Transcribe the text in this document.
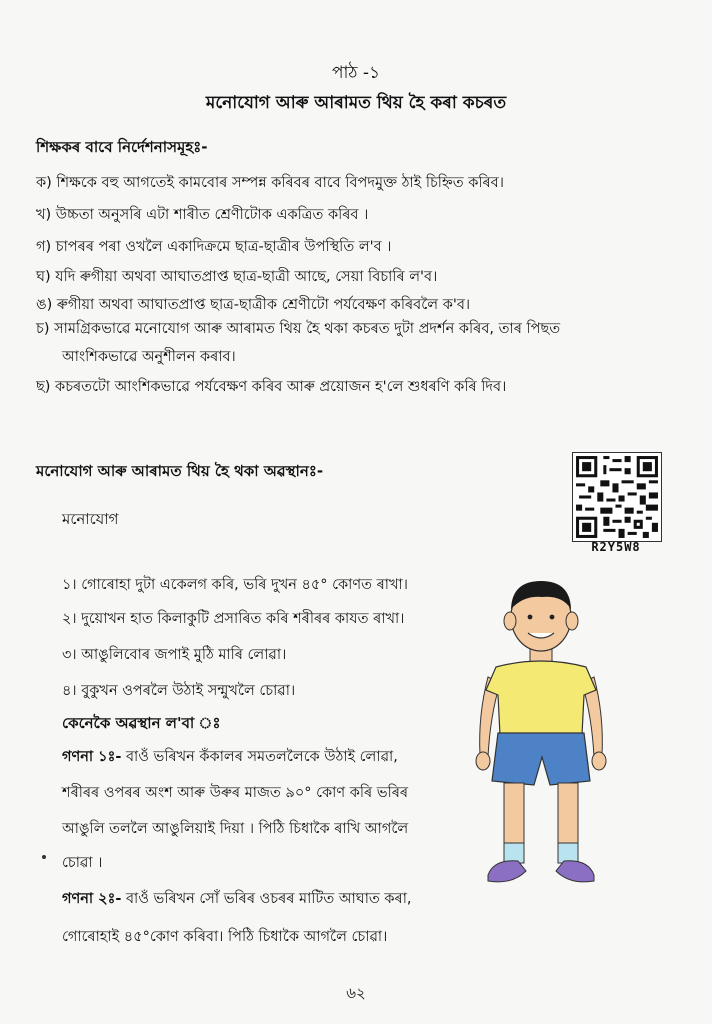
পাঠ -১
মনোযোগ আৰু আৰামত থিয় হৈ কৰা কচৰত
শিক্ষকৰ বাবে নিৰ্দেশনাসমূহঃ-
ক) শিক্ষকে বহু আগতেই কামবোৰ সম্পন্ন কৰিবৰ বাবে বিপদমুক্ত ঠাই চিহ্নিত কৰিব।
খ) উচ্চতা অনুসৰি এটা শাৰীত শ্ৰেণীটোক একত্ৰিত কৰিব ।
গ) চাপৰৰ পৰা ওখলৈ একাদিক্ৰমে ছাত্ৰ-ছাত্ৰীৰ উপস্থিতি ল'ব ।
ঘ) যদি ৰুগীয়া অথবা আঘাতপ্ৰাপ্ত ছাত্ৰ-ছাত্ৰী আছে, সেয়া বিচাৰি ল'ব।
ঙ) ৰুগীয়া অথবা আঘাতপ্ৰাপ্ত ছাত্ৰ-ছাত্ৰীক শ্ৰেণীটো পৰ্যবেক্ষণ কৰিবলৈ ক'ব।
চ) সামগ্ৰিকভাৱে মনোযোগ আৰু আৰামত থিয় হৈ থকা কচৰত দুটা প্ৰদৰ্শন কৰিব, তাৰ পিছত
আংশিকভাৱে অনুশীলন কৰাব।
ছ) কচৰতটো আংশিকভাৱে পৰ্যবেক্ষণ কৰিব আৰু প্ৰয়োজন হ'লে শুধৰণি কৰি দিব।
মনোযোগ আৰু আৰামত থিয় হৈ থকা অৱস্থানঃ-
মনোযোগ
R2Y5W8
১। গোৰোহা দুটা একেলগ কৰি, ভৰি দুখন ৪৫° কোণত ৰাখা।
২। দুয়োখন হাত কিলাকুটি প্ৰসাৰিত কৰি শৰীৰৰ কাযত ৰাখা।
৩। আঙুলিবোৰ জপাই মুঠি মাৰি লোৱা।
৪। বুকুখন ওপৰলৈ উঠাই সন্মুখলৈ চোৱা।
কেনেকৈ অৱস্থান ল'বা ঃ
গণনা ১ঃ- বাওঁ ভৰিখন কঁকালৰ সমতললৈকে উঠাই লোৱা,
শৰীৰৰ ওপৰৰ অংশ আৰু উৰুৰ মাজত ৯০° কোণ কৰি ভৰিৰ
আঙুলি তললৈ আঙুলিয়াই দিয়া । পিঠি চিধাকৈ ৰাখি আগলৈ
চোৱা ।
গণনা ২ঃ- বাওঁ ভৰিখন সোঁ ভৰিৰ ওচৰৰ মাটিত আঘাত কৰা,
গোৰোহাই ৪৫°কোণ কৰিবা। পিঠি চিধাকৈ আগলৈ চোৱা।
৬২
